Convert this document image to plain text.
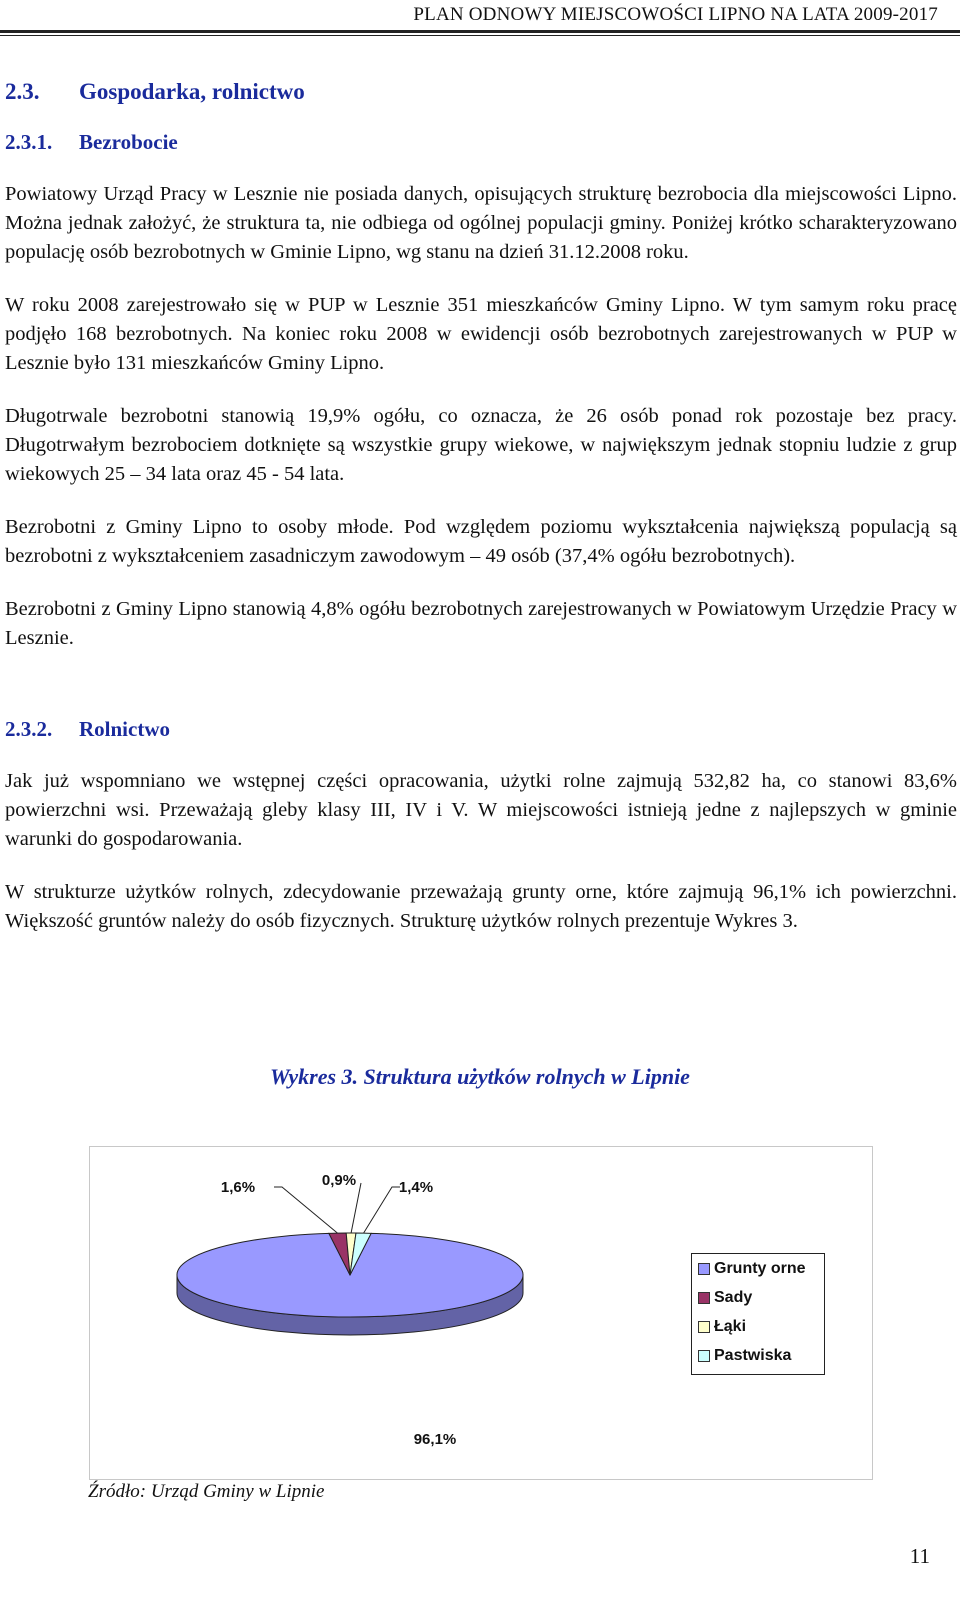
PLAN ODNOWY MIEJSCOWOŚCI LIPNO NA LATA 2009-2017
2.3.	Gospodarka, rolnictwo
2.3.1.	Bezrobocie

Powiatowy Urząd Pracy w Lesznie nie posiada danych, opisujących strukturę bezrobocia dla miejscowości Lipno. Można jednak założyć, że struktura ta, nie odbiega od ogólnej populacji gminy. Poniżej krótko scharakteryzowano populację osób bezrobotnych w Gminie Lipno, wg stanu na dzień 31.12.2008 roku.

W roku 2008 zarejestrowało się w PUP w Lesznie 351 mieszkańców Gminy Lipno. W tym samym roku pracę podjęło 168 bezrobotnych. Na koniec roku 2008 w ewidencji osób bezrobotnych zarejestrowanych w PUP w Lesznie było 131 mieszkańców Gminy Lipno.

Długotrwale bezrobotni stanowią 19,9% ogółu, co oznacza, że 26 osób ponad rok pozostaje bez pracy. Długotrwałym bezrobociem dotknięte są wszystkie grupy wiekowe, w największym jednak stopniu ludzie z grup wiekowych 25 – 34 lata oraz 45 - 54 lata.

Bezrobotni z Gminy Lipno to osoby młode. Pod względem poziomu wykształcenia największą populacją są bezrobotni z wykształceniem zasadniczym zawodowym – 49 osób (37,4% ogółu bezrobotnych).

Bezrobotni z Gminy Lipno stanowią 4,8% ogółu bezrobotnych zarejestrowanych w Powiatowym Urzędzie Pracy w Lesznie.

2.3.2.	Rolnictwo

Jak już wspomniano we wstępnej części opracowania, użytki rolne zajmują 532,82 ha, co stanowi 83,6% powierzchni wsi. Przeważają gleby klasy III, IV i V. W miejscowości istnieją jedne z najlepszych w gminie warunki do gospodarowania.

W strukturze użytków rolnych, zdecydowanie przeważają grunty orne, które zajmują 96,1% ich powierzchni. Większość gruntów należy do osób fizycznych. Strukturę użytków rolnych prezentuje Wykres 3.

Wykres 3. Struktura użytków rolnych w Lipnie
96,1%
1,6%	0,9%	1,4%
Grunty orne
Sady
Łąki
Pastwiska
Źródło: Urząd Gminy w Lipnie
11
